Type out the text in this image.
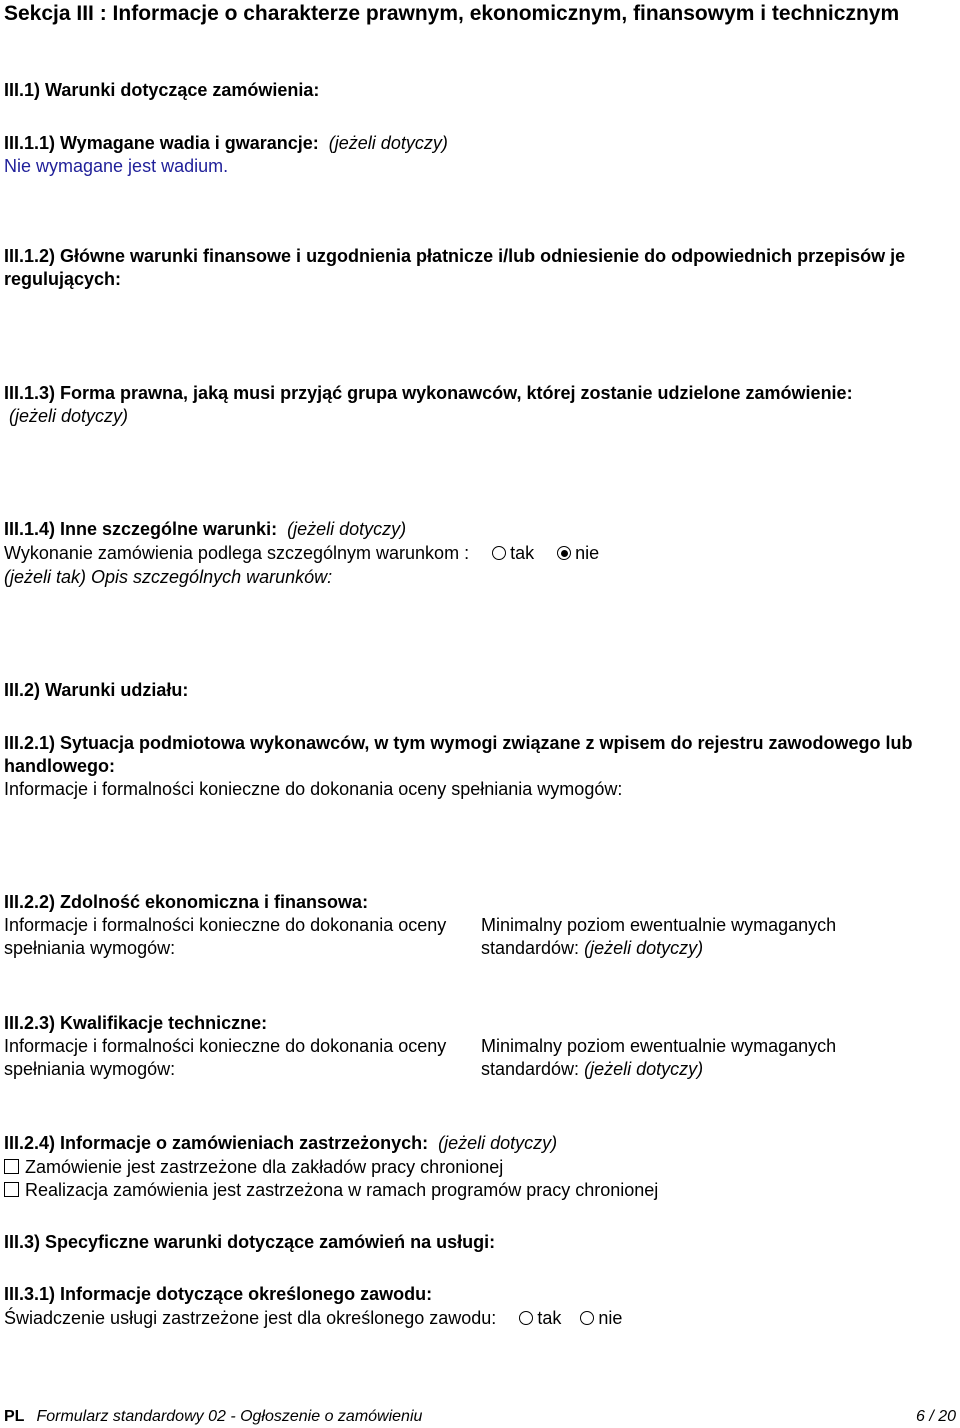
Sekcja III : Informacje o charakterze prawnym, ekonomicznym, finansowym i technicznym
III.1) Warunki dotyczące zamówienia:
III.1.1) Wymagane wadia i gwarancje: (jeżeli dotyczy)
Nie wymagane jest wadium.
III.1.2) Główne warunki finansowe i uzgodnienia płatnicze i/lub odniesienie do odpowiednich przepisów je regulujących:
III.1.3) Forma prawna, jaką musi przyjąć grupa wykonawców, której zostanie udzielone zamówienie:
(jeżeli dotyczy)
III.1.4) Inne szczególne warunki: (jeżeli dotyczy)
Wykonanie zamówienia podlega szczególnym warunkom : tak nie
(jeżeli tak) Opis szczególnych warunków:
III.2) Warunki udziału:
III.2.1) Sytuacja podmiotowa wykonawców, w tym wymogi związane z wpisem do rejestru zawodowego lub handlowego:
Informacje i formalności konieczne do dokonania oceny spełniania wymogów:
III.2.2) Zdolność ekonomiczna i finansowa:
Informacje i formalności konieczne do dokonania oceny
spełniania wymogów:
Minimalny poziom ewentualnie wymaganych
standardów: (jeżeli dotyczy)
III.2.3) Kwalifikacje techniczne:
Informacje i formalności konieczne do dokonania oceny
spełniania wymogów:
Minimalny poziom ewentualnie wymaganych
standardów: (jeżeli dotyczy)
III.2.4) Informacje o zamówieniach zastrzeżonych: (jeżeli dotyczy)
Zamówienie jest zastrzeżone dla zakładów pracy chronionej
Realizacja zamówienia jest zastrzeżona w ramach programów pracy chronionej
III.3) Specyficzne warunki dotyczące zamówień na usługi:
III.3.1) Informacje dotyczące określonego zawodu:
Świadczenie usługi zastrzeżone jest dla określonego zawodu: tak nie
PL Formularz standardowy 02 - Ogłoszenie o zamówieniu	6 / 20
